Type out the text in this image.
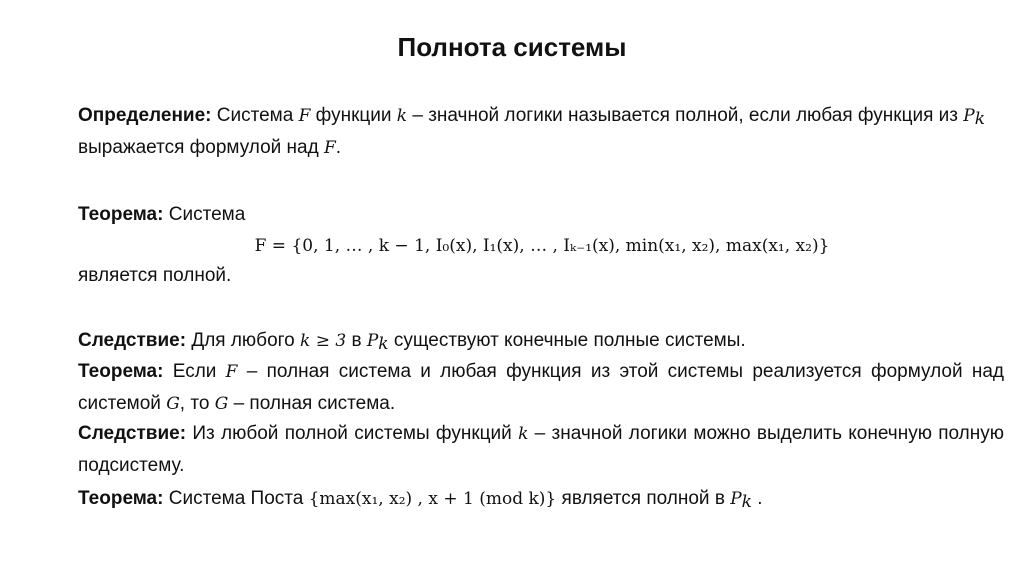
Полнота системы
Определение: Система F функции k – значной логики называется полной, если любая функция из $P_k$ выражается формулой над F.
Теорема: Система
F = {0, 1, … , k − 1, I₀(x), I₁(x), … , Iₖ₋₁(x), min(x₁, x₂), max(x₁, x₂)}
является полной.
Следствие: Для любого k ≥ 3 в $P_k$ существуют конечные полные системы.
Теорема: Если F – полная система и любая функция из этой системы реализуется формулой над системой G, то G – полная система.
Следствие: Из любой полной системы функций k – значной логики можно выделить конечную полную подсистему.
Теорема: Система Поста {max(x₁, x₂) , x + 1 (mod k)} является полной в $P_k$ .
